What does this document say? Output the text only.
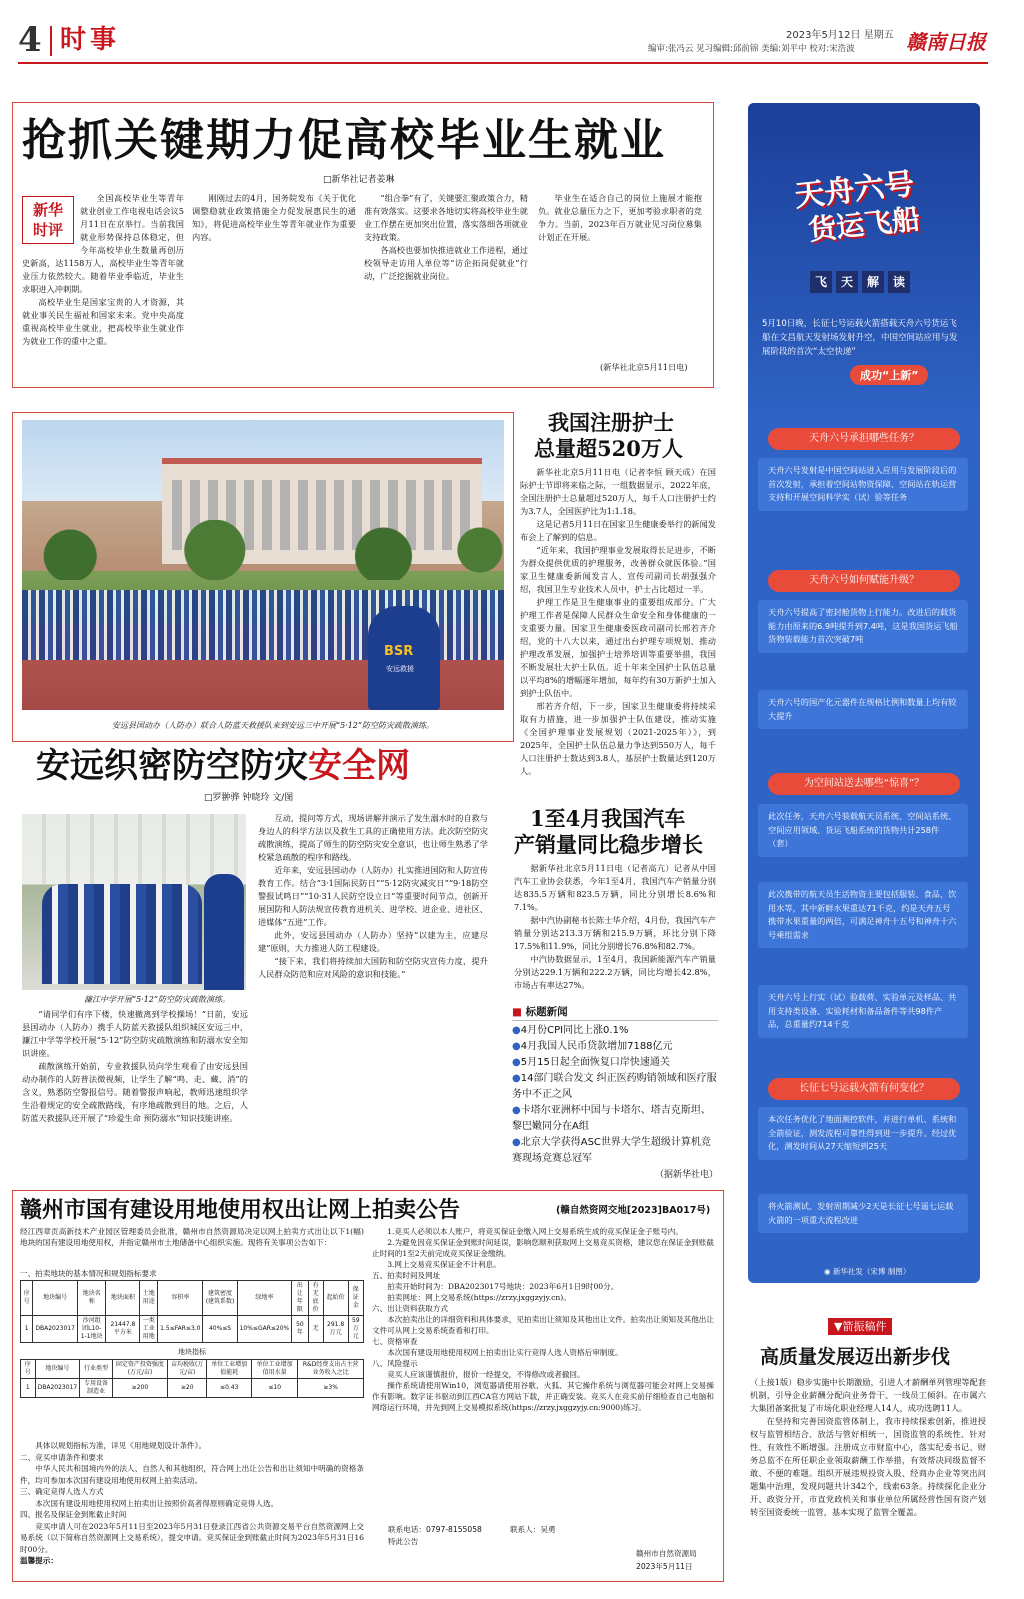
4 时事	2023年5月12日 星期五
编审:张冯云 见习编辑:邱前锦 美编:刘平中 校对:宋浩波	赣南日报
抢抓关键期力促高校毕业生就业
□新华社记者姜琳
新华
时评

全国高校毕业生等青年就业创业工作电视电话会议5月11日在京举行。当前我国就业形势保持总体稳定，但今年高校毕业生数量再创历史新高，达1158万人，高校毕业生等青年就业压力依然较大。随着毕业季临近，毕业生求职进入冲刺期。

高校毕业生是国家宝贵的人才资源，其就业事关民生福祉和国家未来。党中央高度重视高校毕业生就业，把高校毕业生就业作为就业工作的重中之重。

刚刚过去的4月，国务院发布《关于优化调整稳就业政策措施全力促发展惠民生的通知》，将促进高校毕业生等青年就业作为重要内容。

“组合拳”有了，关键要汇聚政策合力，精准有效落实。这要求各地切实将高校毕业生就业工作摆在更加突出位置，落实落细各项就业支持政策。

各高校也要加快推进就业工作进程，通过校领导走访用人单位等“访企拓岗促就业”行动，广泛挖掘就业岗位。

毕业生在适合自己的岗位上施展才能抱负。就业总量压力之下，更加考验求职者的竞争力。当前，2023年百万就业见习岗位募集计划正在开展。

(新华社北京5月11日电)
BSR
安远救援
安远县国动办（人防办）联合人防蓝天救援队来到安远三中开展“5·12”防空防灾疏散演练。
安远织密防空防灾安全网
□罗翀骅 钟晓玲 文/图
濂江中学开展“5·12”防空防灾疏散演练。

“请同学们有序下楼，快速撤离到学校操场！”日前，安远县国动办（人防办）携手人防蓝天救援队组织城区安远三中、濂江中学等学校开展“5·12”防空防灾疏散演练和防溺水安全知识讲座。

疏散演练开始前，专业救援队员向学生观看了由安远县国动办制作的人防普法微视频，让学生了解“鸣、走、藏、消”的含义，熟悉防空警报信号。随着警报声响起，教师迅速组织学生沿着规定的安全疏散路线，有序地疏散到目的地。之后，人防蓝天救援队还开展了“珍爱生命 预防溺水”知识技能讲座。

互动，提问等方式，现场讲解并演示了发生溺水时的自救与身边人的科学方法以及救生工具的正确使用方法。此次防空防灾疏散演练，提高了师生的防空防灾安全意识，也让师生熟悉了学校紧急疏散的程序和路线。

近年来，安远县国动办（人防办）扎实推进国防和人防宣传教育工作。结合“3·1国际民防日”“5·12防灾减灾日”“9·18防空警报试鸣日”“10·31人民防空设立日”等重要时间节点，创新开展国防和人防法规宣传教育进机关、进学校、进企业、进社区、进媒体“五进”工作。

此外，安远县国动办（人防办）坚持“以建为主，应建尽建”原则，大力推进人防工程建设。

“接下来，我们将持续加大国防和防空防灾宣传力度，提升人民群众防范和应对风险的意识和技能。”

我国注册护士
总量超520万人

新华社北京5月11日电（记者李恒 顾天成）在国际护士节即将来临之际，一组数据显示，2022年底，全国注册护士总量超过520万人，每千人口注册护士约为3.7人，全国医护比为1:1.18。

这是记者5月11日在国家卫生健康委举行的新闻发布会上了解到的信息。

“近年来，我国护理事业发展取得长足进步，不断为群众提供优质的护理服务，改善群众就医体验。”国家卫生健康委新闻发言人、宣传司副司长胡强强介绍，我国卫生专业技术人员中，护士占比超过一半。

护理工作是卫生健康事业的重要组成部分。广大护理工作者是保障人民群众生命安全和身体健康的一支重要力量。国家卫生健康委医政司副司长邢若齐介绍，党的十八大以来，通过出台护理专项规划、推动护理改革发展，加强护士培养培训等重要举措，我国不断发展壮大护士队伍。近十年来全国护士队伍总量以平均8%的增幅逐年增加，每年约有30万新护士加入到护士队伍中。

邢若齐介绍，下一步，国家卫生健康委将持续采取有力措施，进一步加强护士队伍建设，推动实施《全国护理事业发展规划（2021-2025年）》，到2025年，全国护士队伍总量力争达到550万人，每千人口注册护士数达到3.8人，基层护士数量达到120万人。

1至4月我国汽车
产销量同比稳步增长

据新华社北京5月11日电（记者高亢）记者从中国汽车工业协会获悉，今年1至4月，我国汽车产销量分别达835.5万辆和823.5万辆，同比分别增长8.6%和7.1%。

据中汽协副秘书长陈士华介绍，4月份，我国汽车产销量分别达213.3万辆和215.9万辆，环比分别下降17.5%和11.9%，同比分别增长76.8%和82.7%。

中汽协数据显示，1至4月，我国新能源汽车产销量分别达229.1万辆和222.2万辆，同比均增长42.8%，市场占有率达27%。

■ 标题新闻
●4月份CPI同比上涨0.1%
●4月我国人民币贷款增加7188亿元
●5月15日起全面恢复口岸快速通关
●14部门联合发文 纠正医药购销领域和医疗服务中不正之风
●卡塔尔亚洲杯中国与卡塔尔、塔吉克斯坦、黎巴嫩同分在A组
●北京大学获得ASC世界大学生超级计算机竞赛现场竞赛总冠军
（据新华社电）
赣州市国有建设用地使用权出让网上拍卖公告	(赣自然资网交地[2023]BA017号)
经江西章贡高新技术产业园区管理委员会批准，赣州市自然资源局决定以网上拍卖方式出让以下1(幅)地块的国有建设用地使用权，并指定赣州市土地储备中心组织实施。现将有关事项公告如下：
一、拍卖地块的基本情况和规划指标要求
序号	地块编号	地块名称	地块面积	土地用途	容积率	建筑密度(建筑系数)	绿地率	出让年限	有无底价	起始价	保证金
1	DBA2023017	沙河组团L10-1-1地块	21447.8平方米	一类工业用地	1.5≤FAR≤3.0	40%≤S	10%≤GAR≤20%	50年	无	291.8万元	59万元
地块指标
序号	地块编号	行业类型	固定资产投资强度(万元/亩)	亩均税收(万元/亩)	单位工业增加值能耗	单位工业增加值用水量	R&D经费支出占主营业务收入之比
1	DBA2023017	专用设备制造业	≥200	≥20	≤0.43	≤10	≥3%

具体以规划指标为准，详见《用地规划设计条件》。

二、竞买申请条件和要求

中华人民共和国境内外的法人、自然人和其他组织，符合网上出让公告和出让须知中明确的资格条件，均可参加本次国有建设用地使用权网上拍卖活动。

三、确定竞得人选人方式

本次国有建设用地使用权网上拍卖出让按照价高者得原则确定竞得人选。

四、报名及保证金到账截止时间

竞买申请人可在2023年5月11日至2023年5月31日登录江西省公共资源交易平台自然资源网上交易系统（以下简称自然资源网上交易系统），提交申请。竞买保证金到账截止时间为2023年5月31日16时00分。

温馨提示：

1.竞买人必须以本人账户，将竞买保证金缴入网上交易系统生成的竞买保证金子账号内。

2.为避免因竞买保证金到账时间延误，影响您顺利获取网上交易竞买资格，建议您在保证金到账截止时间的1至2天前完成竞买保证金缴纳。

3.网上交易竞买保证金不计利息。

五、拍卖时间及网址

拍卖开始时间为：DBA2023017号地块：2023年6月1日9时00分。

拍卖网址：网上交易系统(https://zrzy.jxggzyjy.cn)。

六、出让资料获取方式

本次拍卖出让的详细资料和具体要求，见拍卖出让须知及其他出让文件。拍卖出让须知及其他出让文件可从网上交易系统查看和打印。

七、资格审查

本次国有建设用地使用权网上拍卖出让实行竞得人选人资格后审制度。

八、风险提示

竞买人应该谨慎报价，报价一经提交，不得修改或者撤回。

操作系统请使用Win10，浏览器请使用谷歌、火狐、其它操作系统与浏览器可能会对网上交易操作有影响。数字证书驱动到江西CA官方网站下载，并正确安装。竞买人在竞买前仔细检查自己电脑和网络运行环境，并先到网上交易模拟系统(https://zrzy.jxggzyjy.cn:9000)练习。

联系电话：0797-8155058	联系人：吴勇
特此公告
赣州市自然资源局
2023年5月11日
天舟六号
货运飞船
飞 天 解 读
5月10日晚，长征七号运载火箭搭载天舟六号货运飞船在文昌航天发射场发射升空，中国空间站应用与发展阶段的首次“太空快递”
成功“上新”
天舟六号承担哪些任务？
天舟六号发射是中国空间站进入应用与发展阶段后的首次发射，承担着空间站物资保障、空间站在轨运营支持和开展空间科学实（试）验等任务
天舟六号如何赋能升级？
天舟六号提高了密封舱货物上行能力。改进后的载货能力由原来的6.9吨提升到7.4吨，这是我国货运飞船货物装载能力首次突破7吨
天舟六号的国产化元器件在规格比例和数量上均有较大提升
为空间站送去哪些“惊喜”？
此次任务，天舟六号装载航天员系统、空间站系统、空间应用领域、货运飞船系统的货物共计258件（套）
此次携带的航天员生活物资主要包括服装、食品、饮用水等，其中新鲜水果重达71千克，约是天舟五号携带水果重量的两倍，可满足神舟十五号和神舟十六号乘组需求
天舟六号上行实（试）验载荷、实验单元及样品、共用支持类设备、实验耗材和备品备件等共98件产品，总重量约714千克
长征七号运载火箭有何变化？
本次任务优化了地面测控软件，并进行单机、系统和全箭验证，测发流程可靠性得到进一步提升。经过优化，测发时间从27天缩短到25天
将火箭测试、发射周期减少2天是长征七号遥七运载火箭的一项重大流程改进
◉ 新华社发（宋博 制图）
▼箭振稿件
高质量发展迈出新步伐

（上接1版）稳步实施中长期激励，引进人才薪酬单列管理等配套机制，引导企业薪酬分配向业务骨干、一线员工倾斜。在市属六大集团备案批复了市场化职业经理人14人，成功选聘11人。

在坚持和完善国资监管体制上，我市持续探索创新，推进授权与监管相结合、放活与管好相统一，国资监管的系统性、针对性、有效性不断增强。注册成立市财监中心，落实纪委书记、财务总监不在所任职企业领取薪酬工作举措，有效帮决同级监督不敢、不便的难题。组织开展违规投资入股、经商办企业等突出问题集中治理，发现问题共计342个，线索63条。持续探化企业分开、政资分开，市直党政机关和事业单位所属经营性国有资产划转至国资委统一监管，基本实现了监管全覆盖。
